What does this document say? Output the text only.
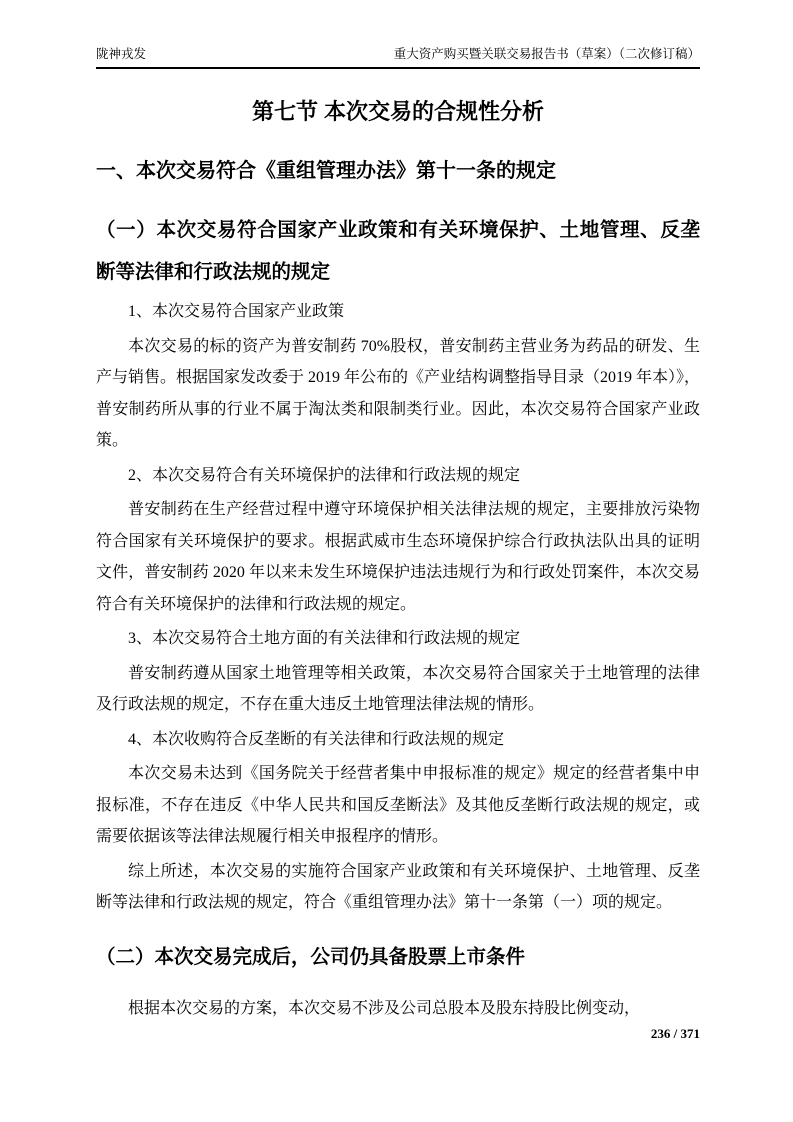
陇神戎发	重大资产购买暨关联交易报告书（草案）（二次修订稿）
第七节 本次交易的合规性分析
一、本次交易符合《重组管理办法》第十一条的规定
（一）本次交易符合国家产业政策和有关环境保护、土地管理、反垄断等法律和行政法规的规定
1、本次交易符合国家产业政策

本次交易的标的资产为普安制药 70%股权，普安制药主营业务为药品的研发、生产与销售。根据国家发改委于 2019 年公布的《产业结构调整指导目录（2019 年本）》，普安制药所从事的行业不属于淘汰类和限制类行业。因此，本次交易符合国家产业政策。

2、本次交易符合有关环境保护的法律和行政法规的规定

普安制药在生产经营过程中遵守环境保护相关法律法规的规定，主要排放污染物符合国家有关环境保护的要求。根据武威市生态环境保护综合行政执法队出具的证明文件，普安制药 2020 年以来未发生环境保护违法违规行为和行政处罚案件，本次交易符合有关环境保护的法律和行政法规的规定。

3、本次交易符合土地方面的有关法律和行政法规的规定

普安制药遵从国家土地管理等相关政策，本次交易符合国家关于土地管理的法律及行政法规的规定，不存在重大违反土地管理法律法规的情形。

4、本次收购符合反垄断的有关法律和行政法规的规定

本次交易未达到《国务院关于经营者集中申报标准的规定》规定的经营者集中申报标准，不存在违反《中华人民共和国反垄断法》及其他反垄断行政法规的规定，或需要依据该等法律法规履行相关申报程序的情形。

综上所述，本次交易的实施符合国家产业政策和有关环境保护、土地管理、反垄断等法律和行政法规的规定，符合《重组管理办法》第十一条第（一）项的规定。

（二）本次交易完成后，公司仍具备股票上市条件

根据本次交易的方案，本次交易不涉及公司总股本及股东持股比例变动，

236 / 371
